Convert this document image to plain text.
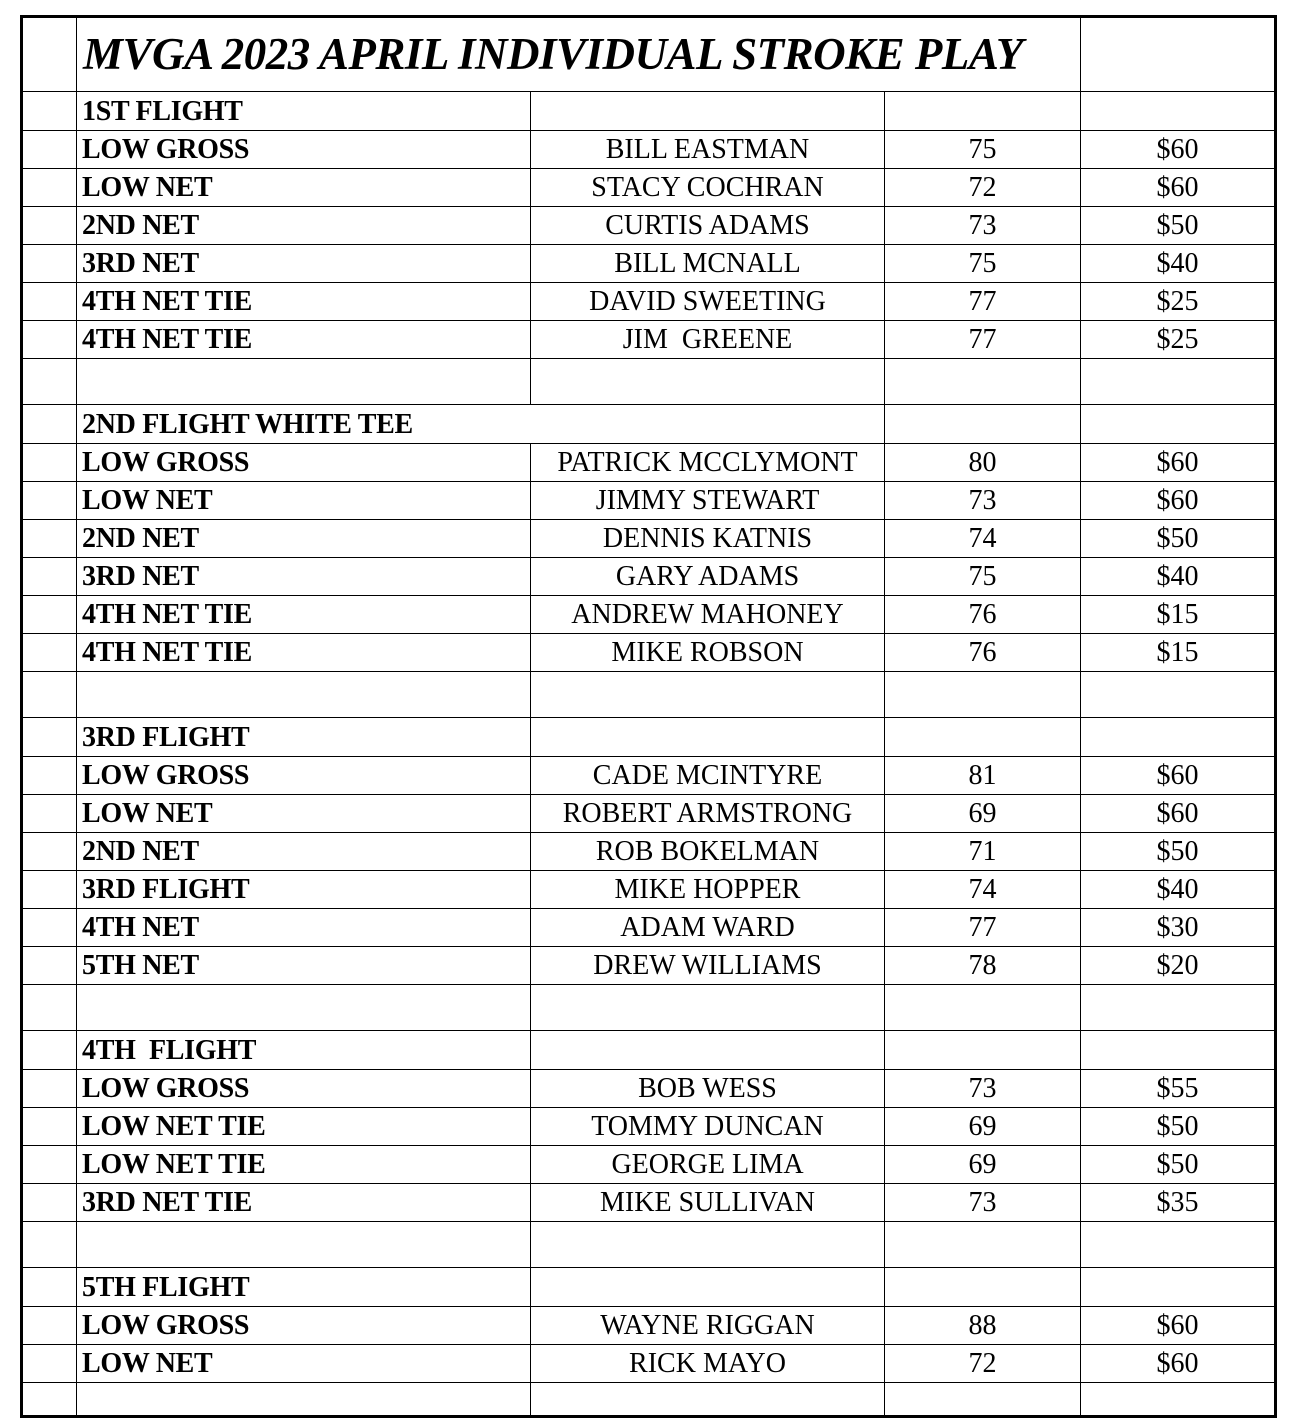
	MVGA 2023 APRIL INDIVIDUAL STROKE PLAY			
	1ST FLIGHT			
	LOW GROSS	BILL EASTMAN	75	$60
	LOW NET	STACY COCHRAN	72	$60
	2ND NET	CURTIS ADAMS	73	$50
	3RD NET	BILL MCNALL	75	$40
	4TH NET TIE	DAVID SWEETING	77	$25
	4TH NET TIE	JIM  GREENE	77	$25

	2ND FLIGHT WHITE TEE			
	LOW GROSS	PATRICK MCCLYMONT	80	$60
	LOW NET	JIMMY STEWART	73	$60
	2ND NET	DENNIS KATNIS	74	$50
	3RD NET	GARY ADAMS	75	$40
	4TH NET TIE	ANDREW MAHONEY	76	$15
	4TH NET TIE	MIKE ROBSON	76	$15

	3RD FLIGHT			
	LOW GROSS	CADE MCINTYRE	81	$60
	LOW NET	ROBERT ARMSTRONG	69	$60
	2ND NET	ROB BOKELMAN	71	$50
	3RD FLIGHT	MIKE HOPPER	74	$40
	4TH NET	ADAM WARD	77	$30
	5TH NET	DREW WILLIAMS	78	$20

	4TH  FLIGHT			
	LOW GROSS	BOB WESS	73	$55
	LOW NET TIE	TOMMY DUNCAN	69	$50
	LOW NET TIE	GEORGE LIMA	69	$50
	3RD NET TIE	MIKE SULLIVAN	73	$35

	5TH FLIGHT			
	LOW GROSS	WAYNE RIGGAN	88	$60
	LOW NET	RICK MAYO	72	$60
